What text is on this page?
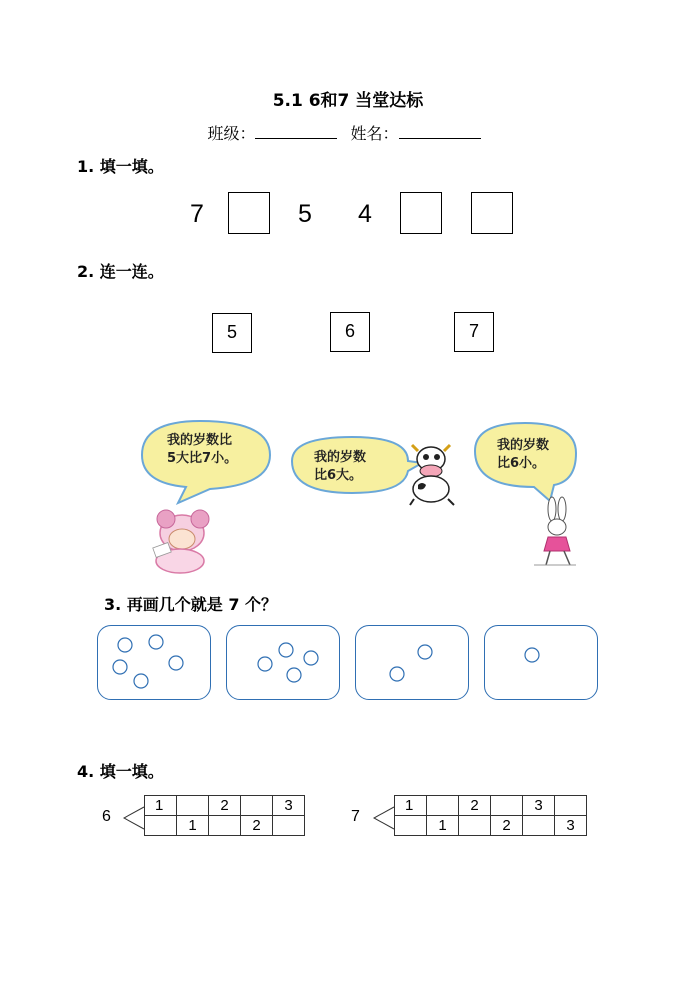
5.1 6和7 当堂达标
班级：	姓名：
1. 填一填。
7	5 4
2. 连一连。
5	6	7
我的岁数比
5大比7小。	我的岁数
比6大。
我的岁数
比6小。
3. 再画几个就是 7 个？
4. 填一填。
6
1		2		3

	1		2	

7
1		2		3	

	1		2		3
